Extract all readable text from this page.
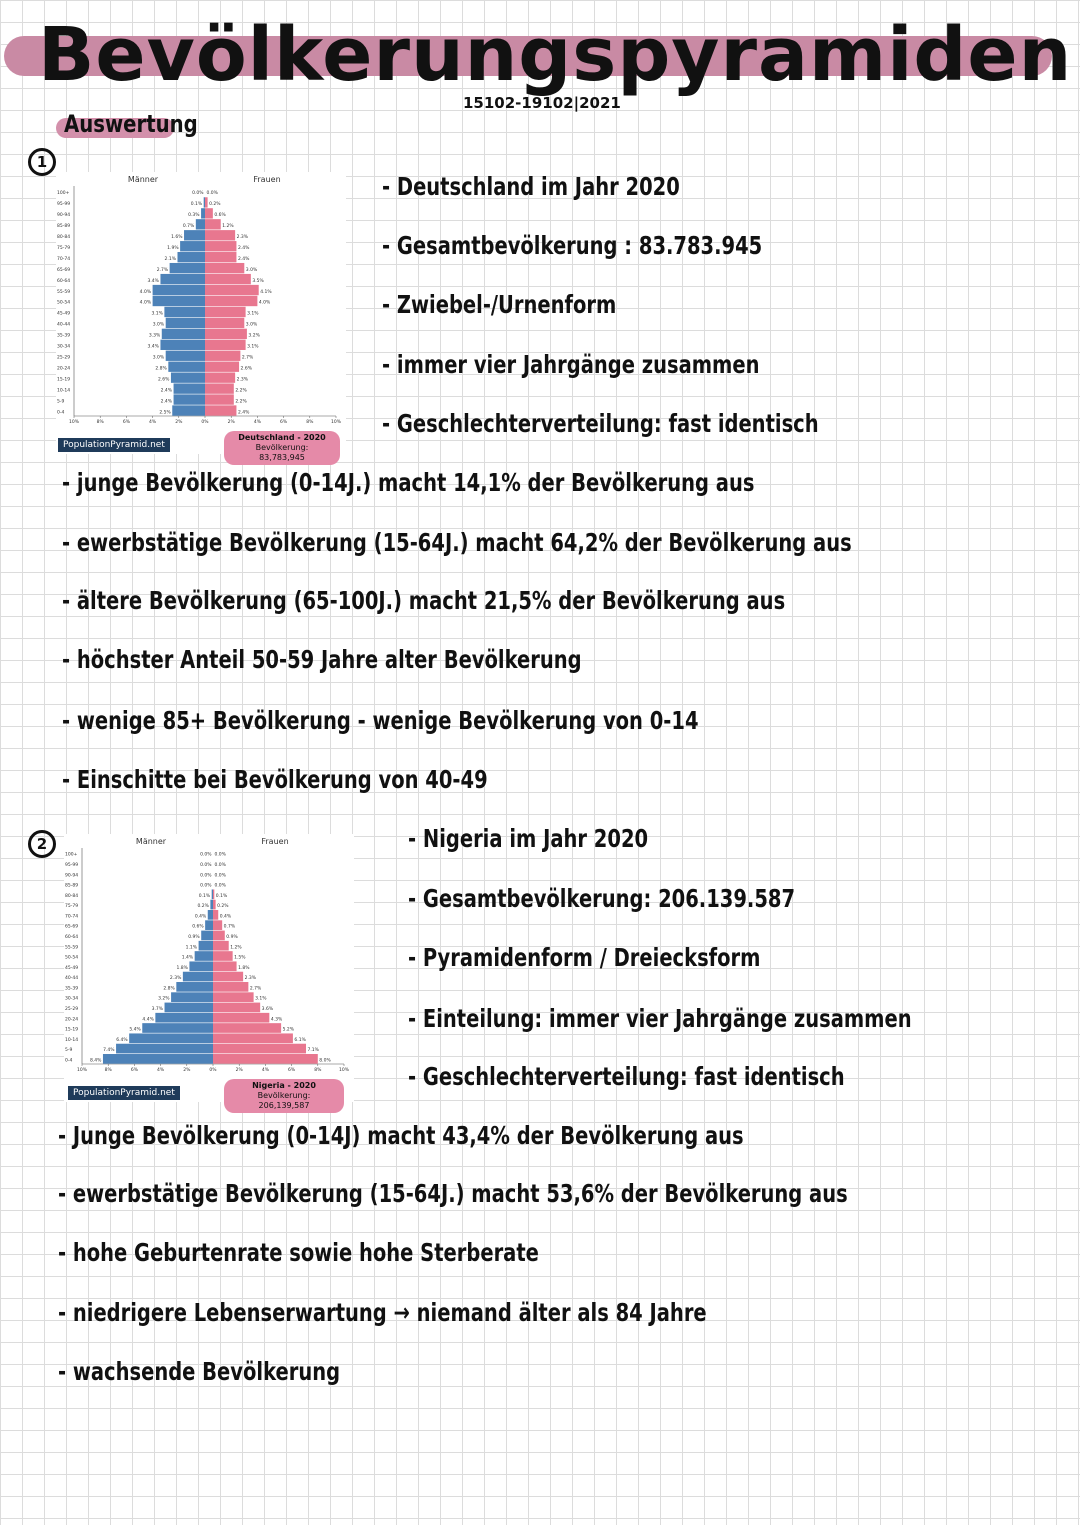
Bevölkerungspyramiden
15102-19102|2021
Auswertung
1
Männer	Frauen
100+	0.0% 0.0%
95-99	0.1% 0.2%
90-94	0.3%	0.6%
85-89	0.7%	1.2%
80-84	1.6%	2.3%
75-79	1.9%	2.4%
70-74	2.1%	2.4%
65-69	2.7%	3.0%
60-64	3.4%	3.5%
55-59	4.0%	4.1%
50-54	4.0%	4.0%
45-49	3.1%	3.1%
40-44	3.0%	3.0%
35-39	3.3%	3.2%
30-34	3.4%	3.1%
25-29	3.0%	2.7%
20-24	2.8%	2.6%
15-19	2.6%	2.3%
10-14	2.4%	2.2%
5-9	2.4%	2.2%
0-4	2.5%	2.4%
10%	8%	6%	4%	2%	0%	2%	4%	6%	8%	10%
PopulationPyramid.net
Deutschland - 2020
Bevölkerung: 83,783,945
- Deutschland im Jahr 2020
- Gesamtbevölkerung : 83.783.945
- Zwiebel-/Urnenform
- immer vier Jahrgänge zusammen
- Geschlechterverteilung: fast identisch
- junge Bevölkerung (0-14J.) macht 14,1% der Bevölkerung aus
- ewerbstätige Bevölkerung (15-64J.) macht 64,2% der Bevölkerung aus
- ältere Bevölkerung (65-100J.) macht 21,5% der Bevölkerung aus
- höchster Anteil 50-59 Jahre alter Bevölkerung
- wenige 85+ Bevölkerung - wenige Bevölkerung von 0-14
- Einschitte bei Bevölkerung von 40-49
2	Männer	Frauen
100+	0.0% 0.0%
95-99	0.0% 0.0%
90-94	0.0% 0.0%
85-89	0.0% 0.0%
80-84	0.1% 0.1%
75-79	0.2% 0.2%
70-74	0.4%	0.4%
65-69	0.6%	0.7%
60-64	0.9%	0.9%
55-59	1.1%	1.2%
50-54	1.4%	1.5%
45-49	1.8%	1.8%
40-44	2.3%	2.3%
35-39	2.8%	2.7%
30-34	3.2%	3.1%
25-29	3.7%	3.6%
20-24	4.4%	4.3%
15-19	5.4%	5.2%
10-14	6.4%	6.1%
5-9	7.4%	7.1%
0-4	8.4%	8.0%
10%	8%	6%	4%	2%	0%	2%	4%	6%	8%	10%
PopulationPyramid.net
Nigeria - 2020
Bevölkerung: 206,139,587
- Nigeria im Jahr 2020
- Gesamtbevölkerung: 206.139.587
- Pyramidenform / Dreiecksform
- Einteilung: immer vier Jahrgänge zusammen
- Geschlechterverteilung: fast identisch
- Junge Bevölkerung (0-14J) macht 43,4% der Bevölkerung aus
- ewerbstätige Bevölkerung (15-64J.) macht 53,6% der Bevölkerung aus
- hohe Geburtenrate sowie hohe Sterberate
- niedrigere Lebenserwartung → niemand älter als 84 Jahre
- wachsende Bevölkerung
